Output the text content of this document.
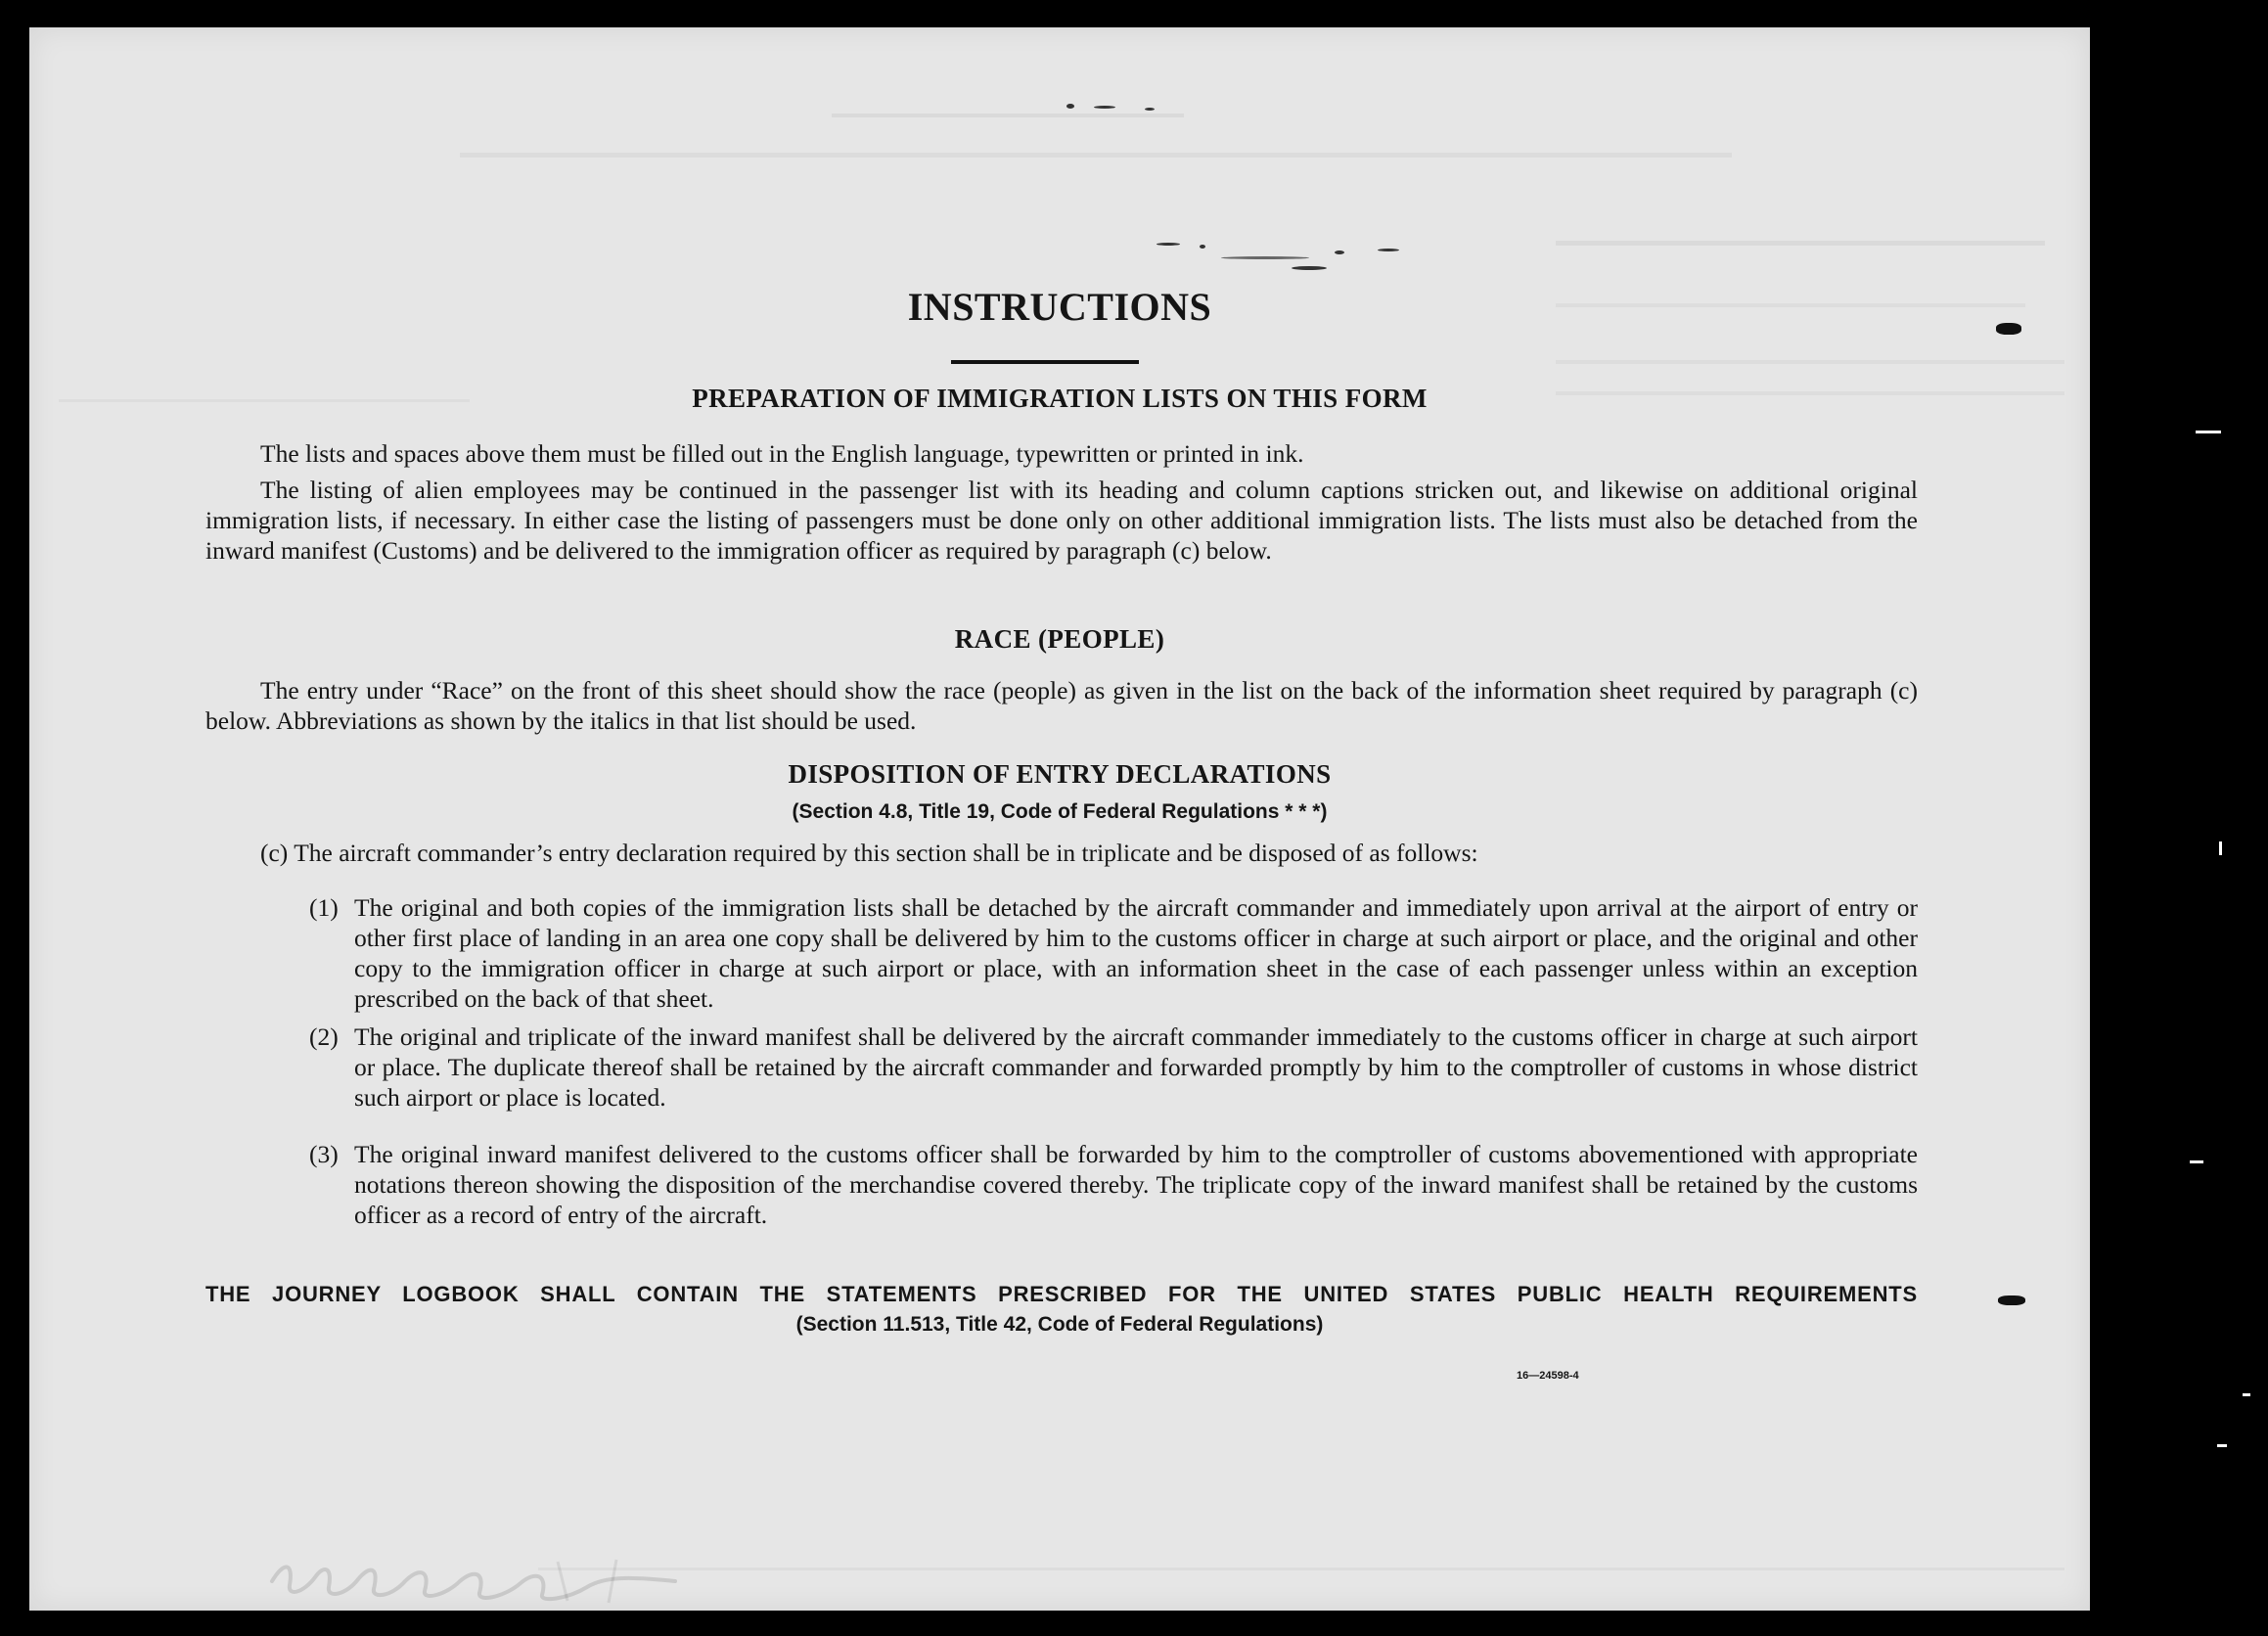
INSTRUCTIONS
PREPARATION OF IMMIGRATION LISTS ON THIS FORM
The lists and spaces above them must be filled out in the English language, typewritten or printed in ink.
The listing of alien employees may be continued in the passenger list with its heading and column captions stricken out, and likewise on additional original immigration lists, if necessary. In either case the listing of passengers must be done only on other additional immigration lists. The lists must also be detached from the inward manifest (Customs) and be delivered to the immigration officer as required by paragraph (c) below.
RACE (PEOPLE)
The entry under “Race” on the front of this sheet should show the race (people) as given in the list on the back of the information sheet required by paragraph (c) below. Abbreviations as shown by the italics in that list should be used.
DISPOSITION OF ENTRY DECLARATIONS
(Section 4.8, Title 19, Code of Federal Regulations * * *)
(c) The aircraft commander’s entry declaration required by this section shall be in triplicate and be disposed of as follows:
(1) The original and both copies of the immigration lists shall be detached by the aircraft commander and immediately upon arrival at the airport of entry or other first place of landing in an area one copy shall be delivered by him to the customs officer in charge at such airport or place, and the original and other copy to the immigration officer in charge at such airport or place, with an information sheet in the case of each passenger unless within an exception prescribed on the back of that sheet.
(2) The original and triplicate of the inward manifest shall be delivered by the aircraft commander immediately to the customs officer in charge at such airport or place. The duplicate thereof shall be retained by the aircraft commander and forwarded promptly by him to the comptroller of customs in whose district such airport or place is located.
(3) The original inward manifest delivered to the customs officer shall be forwarded by him to the comptroller of customs abovementioned with appropriate notations thereon showing the disposition of the merchandise covered thereby. The triplicate copy of the inward manifest shall be retained by the customs officer as a record of entry of the aircraft.
THE JOURNEY LOGBOOK SHALL CONTAIN THE STATEMENTS PRESCRIBED FOR THE UNITED STATES PUBLIC HEALTH REQUIREMENTS
(Section 11.513, Title 42, Code of Federal Regulations)
16—24598-4
